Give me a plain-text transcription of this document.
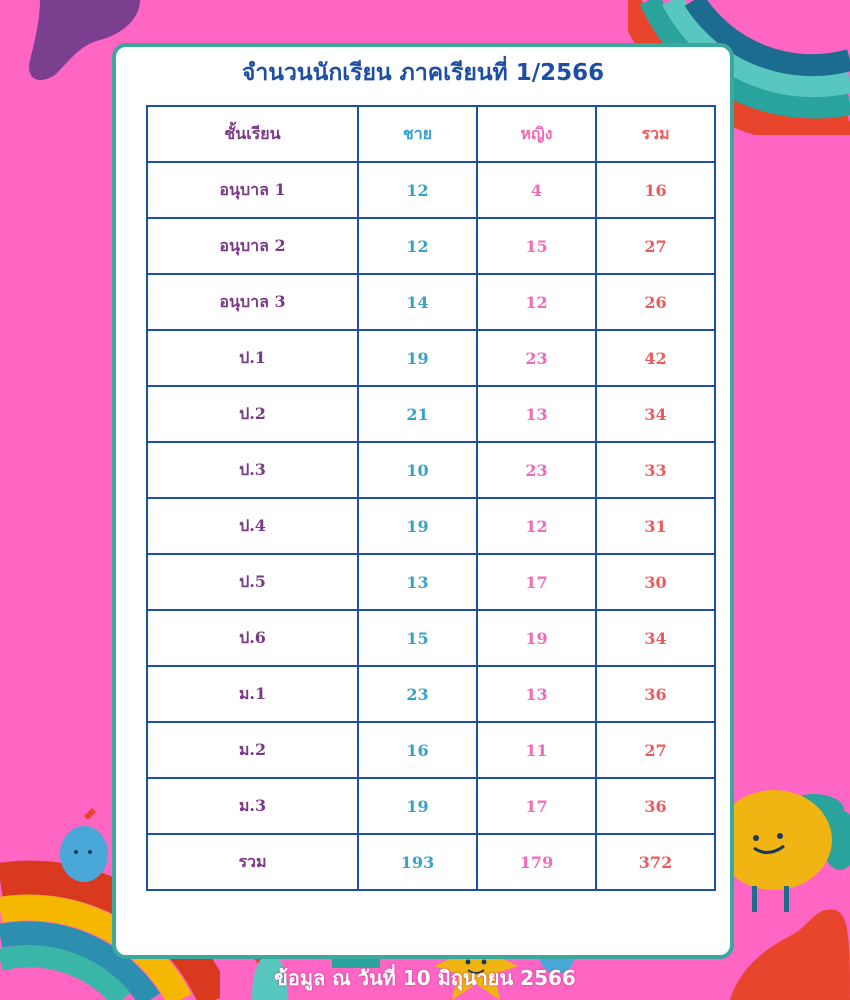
จำนวนนักเรียน ภาคเรียนที่ 1/2566
ชั้นเรียน	ชาย	หญิง	รวม
อนุบาล 1	12	4	16
อนุบาล 2	12	15	27
อนุบาล 3	14	12	26
ป.1	19	23	42
ป.2	21	13	34
ป.3	10	23	33
ป.4	19	12	31
ป.5	13	17	30
ป.6	15	19	34
ม.1	23	13	36
ม.2	16	11	27
ม.3	19	17	36
รวม	193	179	372
ข้อมูล ณ วันที่ 10 มิถุนายน 2566
